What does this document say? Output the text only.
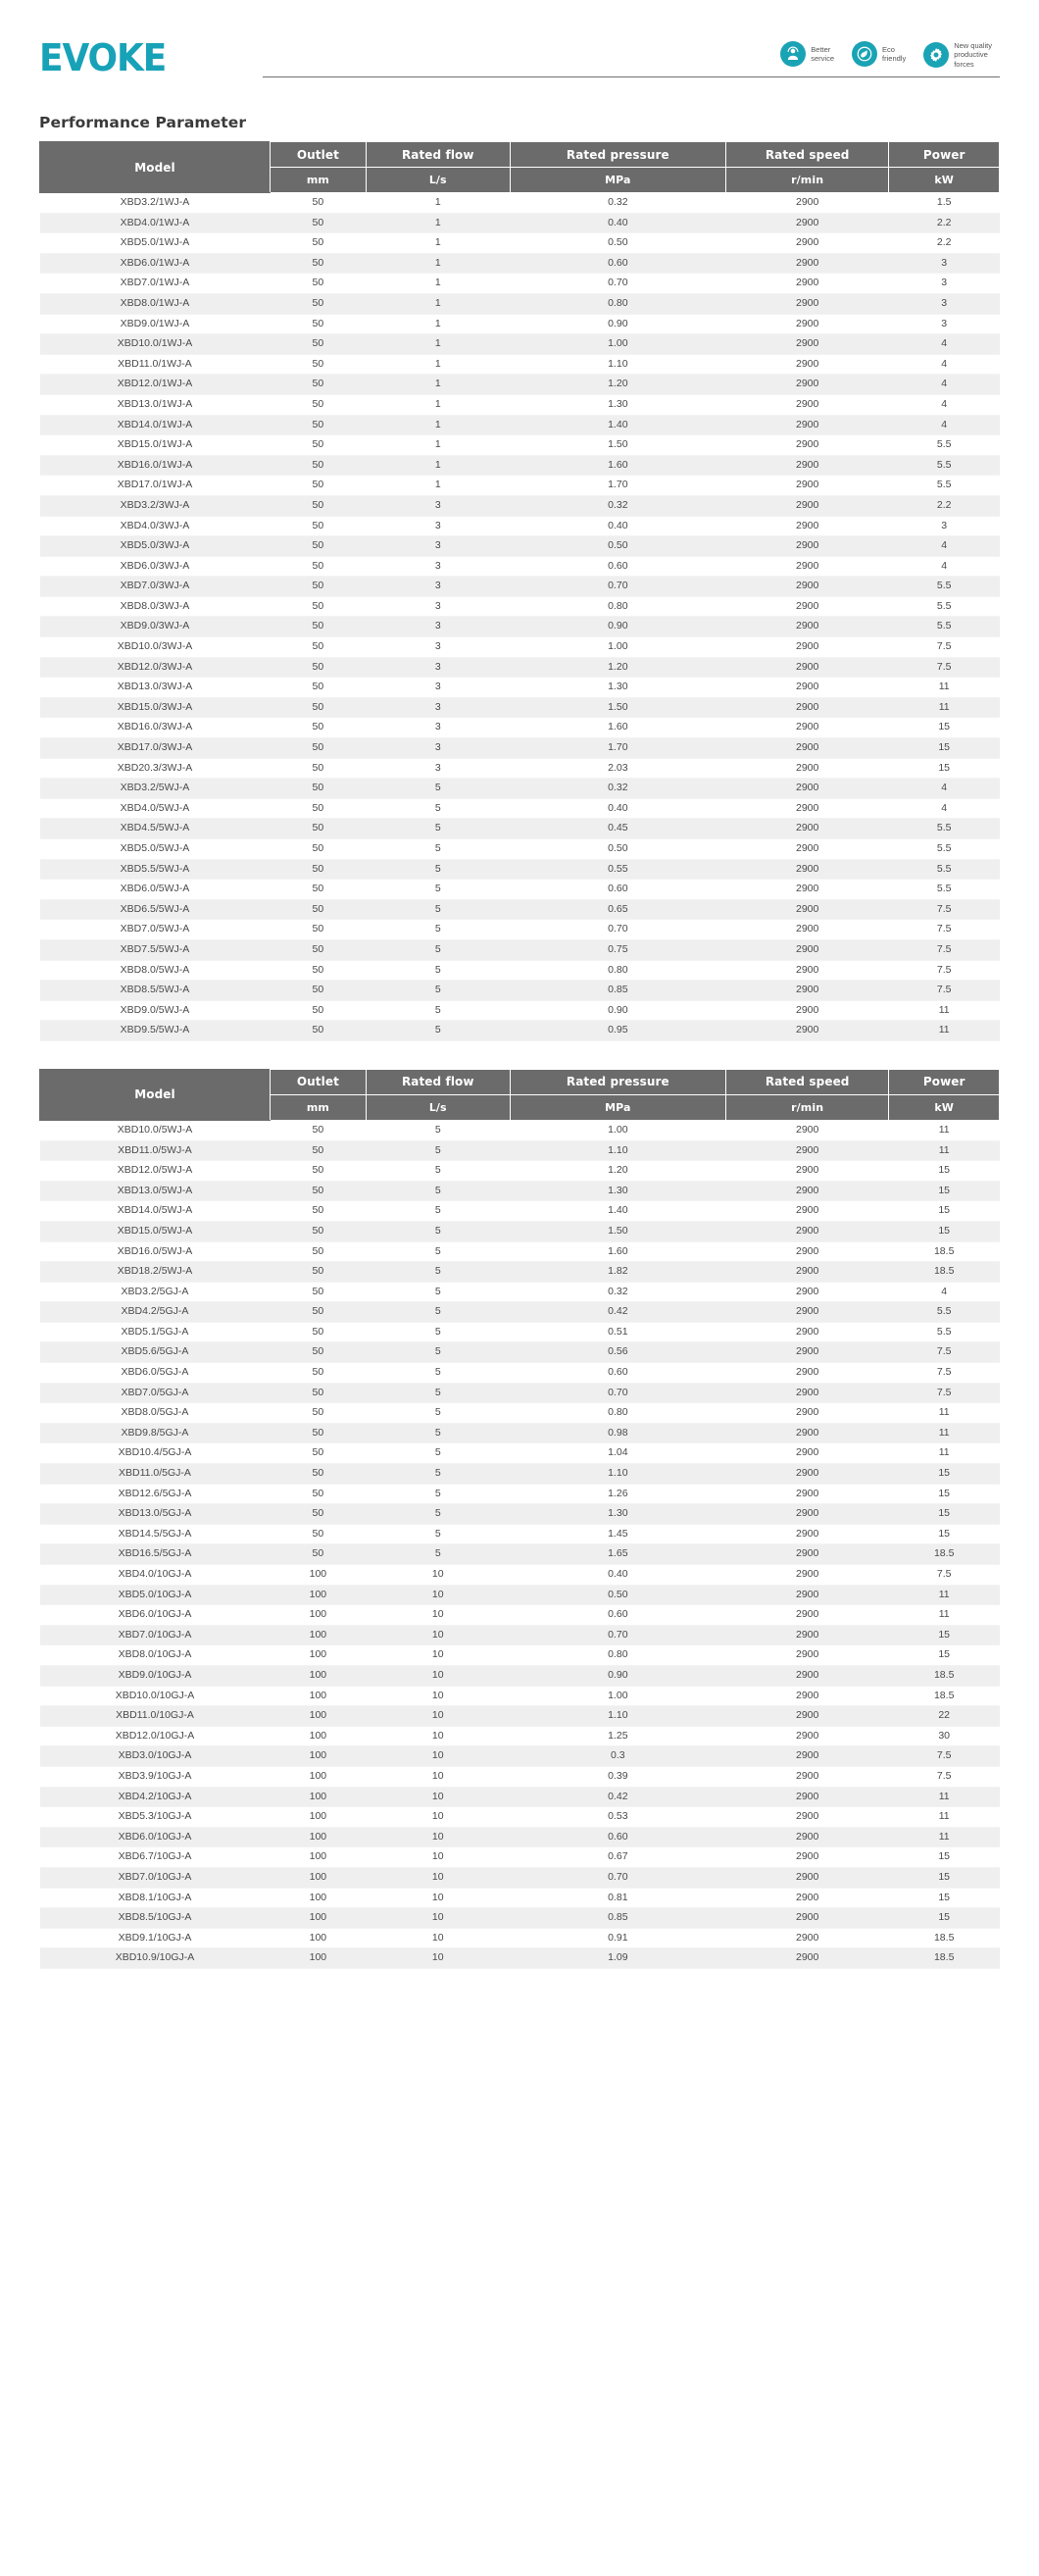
EVOKE	Better
service
Eco
friendly
New quality
productive
forces
Performance Parameter
Model	Outlet	Rated flow	Rated pressure	Rated speed	Power
	mm	L/s	MPa	r/min	kW
XBD3.2/1WJ-A	50	1	0.32	2900	1.5
XBD4.0/1WJ-A	50	1	0.40	2900	2.2
XBD5.0/1WJ-A	50	1	0.50	2900	2.2
XBD6.0/1WJ-A	50	1	0.60	2900	3
XBD7.0/1WJ-A	50	1	0.70	2900	3
XBD8.0/1WJ-A	50	1	0.80	2900	3
XBD9.0/1WJ-A	50	1	0.90	2900	3
XBD10.0/1WJ-A	50	1	1.00	2900	4
XBD11.0/1WJ-A	50	1	1.10	2900	4
XBD12.0/1WJ-A	50	1	1.20	2900	4
XBD13.0/1WJ-A	50	1	1.30	2900	4
XBD14.0/1WJ-A	50	1	1.40	2900	4
XBD15.0/1WJ-A	50	1	1.50	2900	5.5
XBD16.0/1WJ-A	50	1	1.60	2900	5.5
XBD17.0/1WJ-A	50	1	1.70	2900	5.5
XBD3.2/3WJ-A	50	3	0.32	2900	2.2
XBD4.0/3WJ-A	50	3	0.40	2900	3
XBD5.0/3WJ-A	50	3	0.50	2900	4
XBD6.0/3WJ-A	50	3	0.60	2900	4
XBD7.0/3WJ-A	50	3	0.70	2900	5.5
XBD8.0/3WJ-A	50	3	0.80	2900	5.5
XBD9.0/3WJ-A	50	3	0.90	2900	5.5
XBD10.0/3WJ-A	50	3	1.00	2900	7.5
XBD12.0/3WJ-A	50	3	1.20	2900	7.5
XBD13.0/3WJ-A	50	3	1.30	2900	11
XBD15.0/3WJ-A	50	3	1.50	2900	11
XBD16.0/3WJ-A	50	3	1.60	2900	15
XBD17.0/3WJ-A	50	3	1.70	2900	15
XBD20.3/3WJ-A	50	3	2.03	2900	15
XBD3.2/5WJ-A	50	5	0.32	2900	4
XBD4.0/5WJ-A	50	5	0.40	2900	4
XBD4.5/5WJ-A	50	5	0.45	2900	5.5
XBD5.0/5WJ-A	50	5	0.50	2900	5.5
XBD5.5/5WJ-A	50	5	0.55	2900	5.5
XBD6.0/5WJ-A	50	5	0.60	2900	5.5
XBD6.5/5WJ-A	50	5	0.65	2900	7.5
XBD7.0/5WJ-A	50	5	0.70	2900	7.5
XBD7.5/5WJ-A	50	5	0.75	2900	7.5
XBD8.0/5WJ-A	50	5	0.80	2900	7.5
XBD8.5/5WJ-A	50	5	0.85	2900	7.5
XBD9.0/5WJ-A	50	5	0.90	2900	11
XBD9.5/5WJ-A	50	5	0.95	2900	11
Model	Outlet	Rated flow	Rated pressure	Rated speed	Power
	mm	L/s	MPa	r/min	kW
XBD10.0/5WJ-A	50	5	1.00	2900	11
XBD11.0/5WJ-A	50	5	1.10	2900	11
XBD12.0/5WJ-A	50	5	1.20	2900	15
XBD13.0/5WJ-A	50	5	1.30	2900	15
XBD14.0/5WJ-A	50	5	1.40	2900	15
XBD15.0/5WJ-A	50	5	1.50	2900	15
XBD16.0/5WJ-A	50	5	1.60	2900	18.5
XBD18.2/5WJ-A	50	5	1.82	2900	18.5
XBD3.2/5GJ-A	50	5	0.32	2900	4
XBD4.2/5GJ-A	50	5	0.42	2900	5.5
XBD5.1/5GJ-A	50	5	0.51	2900	5.5
XBD5.6/5GJ-A	50	5	0.56	2900	7.5
XBD6.0/5GJ-A	50	5	0.60	2900	7.5
XBD7.0/5GJ-A	50	5	0.70	2900	7.5
XBD8.0/5GJ-A	50	5	0.80	2900	11
XBD9.8/5GJ-A	50	5	0.98	2900	11
XBD10.4/5GJ-A	50	5	1.04	2900	11
XBD11.0/5GJ-A	50	5	1.10	2900	15
XBD12.6/5GJ-A	50	5	1.26	2900	15
XBD13.0/5GJ-A	50	5	1.30	2900	15
XBD14.5/5GJ-A	50	5	1.45	2900	15
XBD16.5/5GJ-A	50	5	1.65	2900	18.5
XBD4.0/10GJ-A	100	10	0.40	2900	7.5
XBD5.0/10GJ-A	100	10	0.50	2900	11
XBD6.0/10GJ-A	100	10	0.60	2900	11
XBD7.0/10GJ-A	100	10	0.70	2900	15
XBD8.0/10GJ-A	100	10	0.80	2900	15
XBD9.0/10GJ-A	100	10	0.90	2900	18.5
XBD10.0/10GJ-A	100	10	1.00	2900	18.5
XBD11.0/10GJ-A	100	10	1.10	2900	22
XBD12.0/10GJ-A	100	10	1.25	2900	30
XBD3.0/10GJ-A	100	10	0.3	2900	7.5
XBD3.9/10GJ-A	100	10	0.39	2900	7.5
XBD4.2/10GJ-A	100	10	0.42	2900	11
XBD5.3/10GJ-A	100	10	0.53	2900	11
XBD6.0/10GJ-A	100	10	0.60	2900	11
XBD6.7/10GJ-A	100	10	0.67	2900	15
XBD7.0/10GJ-A	100	10	0.70	2900	15
XBD8.1/10GJ-A	100	10	0.81	2900	15
XBD8.5/10GJ-A	100	10	0.85	2900	15
XBD9.1/10GJ-A	100	10	0.91	2900	18.5
XBD10.9/10GJ-A	100	10	1.09	2900	18.5
